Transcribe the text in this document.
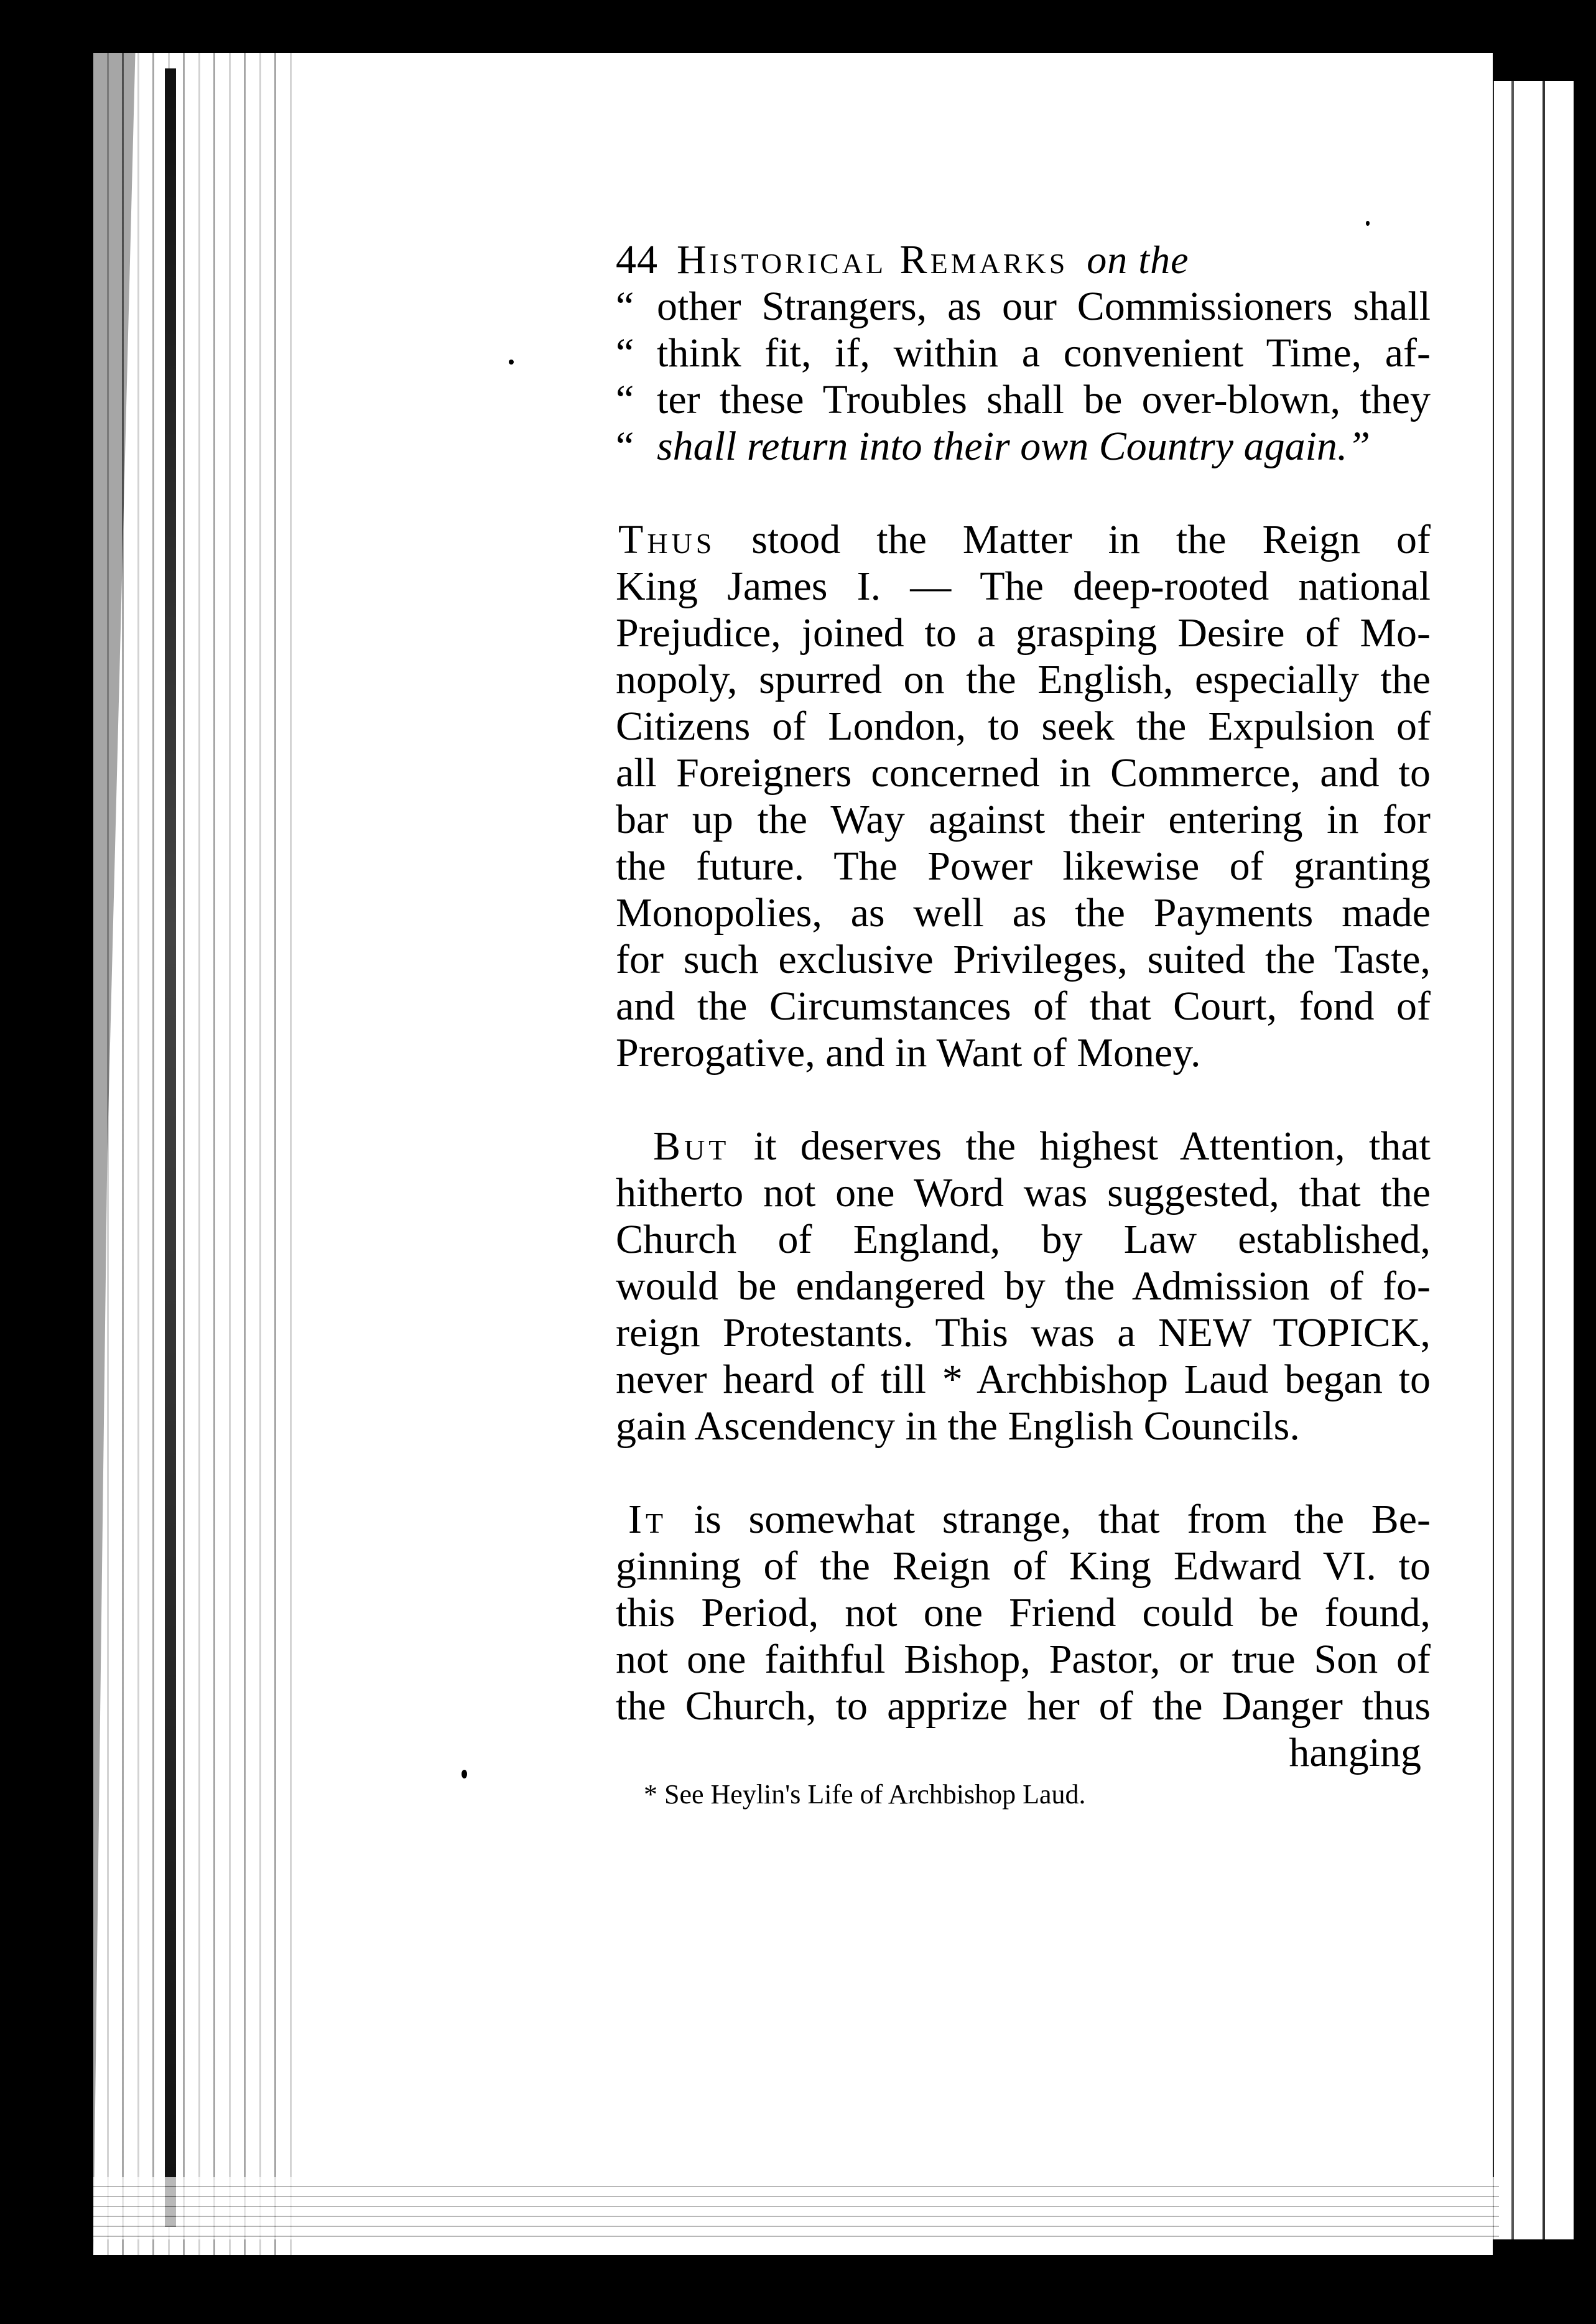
44 Historical Remarks on the
“ other Strangers, as our Commissioners shall
“ think fit, if, within a convenient Time, af-
“ ter these Troubles shall be over-blown, they
“ shall return into their own Country again.”
Thus stood the Matter in the Reign of
King James I. — The deep-rooted national
Prejudice, joined to a grasping Desire of Mo-
nopoly, spurred on the English, especially the
Citizens of London, to seek the Expulsion of
all Foreigners concerned in Commerce, and to
bar up the Way against their entering in for
the future. The Power likewise of granting
Monopolies, as well as the Payments made
for such exclusive Privileges, suited the Taste,
and the Circumstances of that Court, fond of
Prerogative, and in Want of Money.
But it deserves the highest Attention, that
hitherto not one Word was suggested, that the
Church of England, by Law established,
would be endangered by the Admission of fo-
reign Protestants. This was a NEW TOPICK,
never heard of till * Archbishop Laud began to
gain Ascendency in the English Councils.
It is somewhat strange, that from the Be-
ginning of the Reign of King Edward VI. to
this Period, not one Friend could be found,
not one faithful Bishop, Pastor, or true Son of
the Church, to apprize her of the Danger thus
hanging
* See Heylin's Life of Archbishop Laud.
